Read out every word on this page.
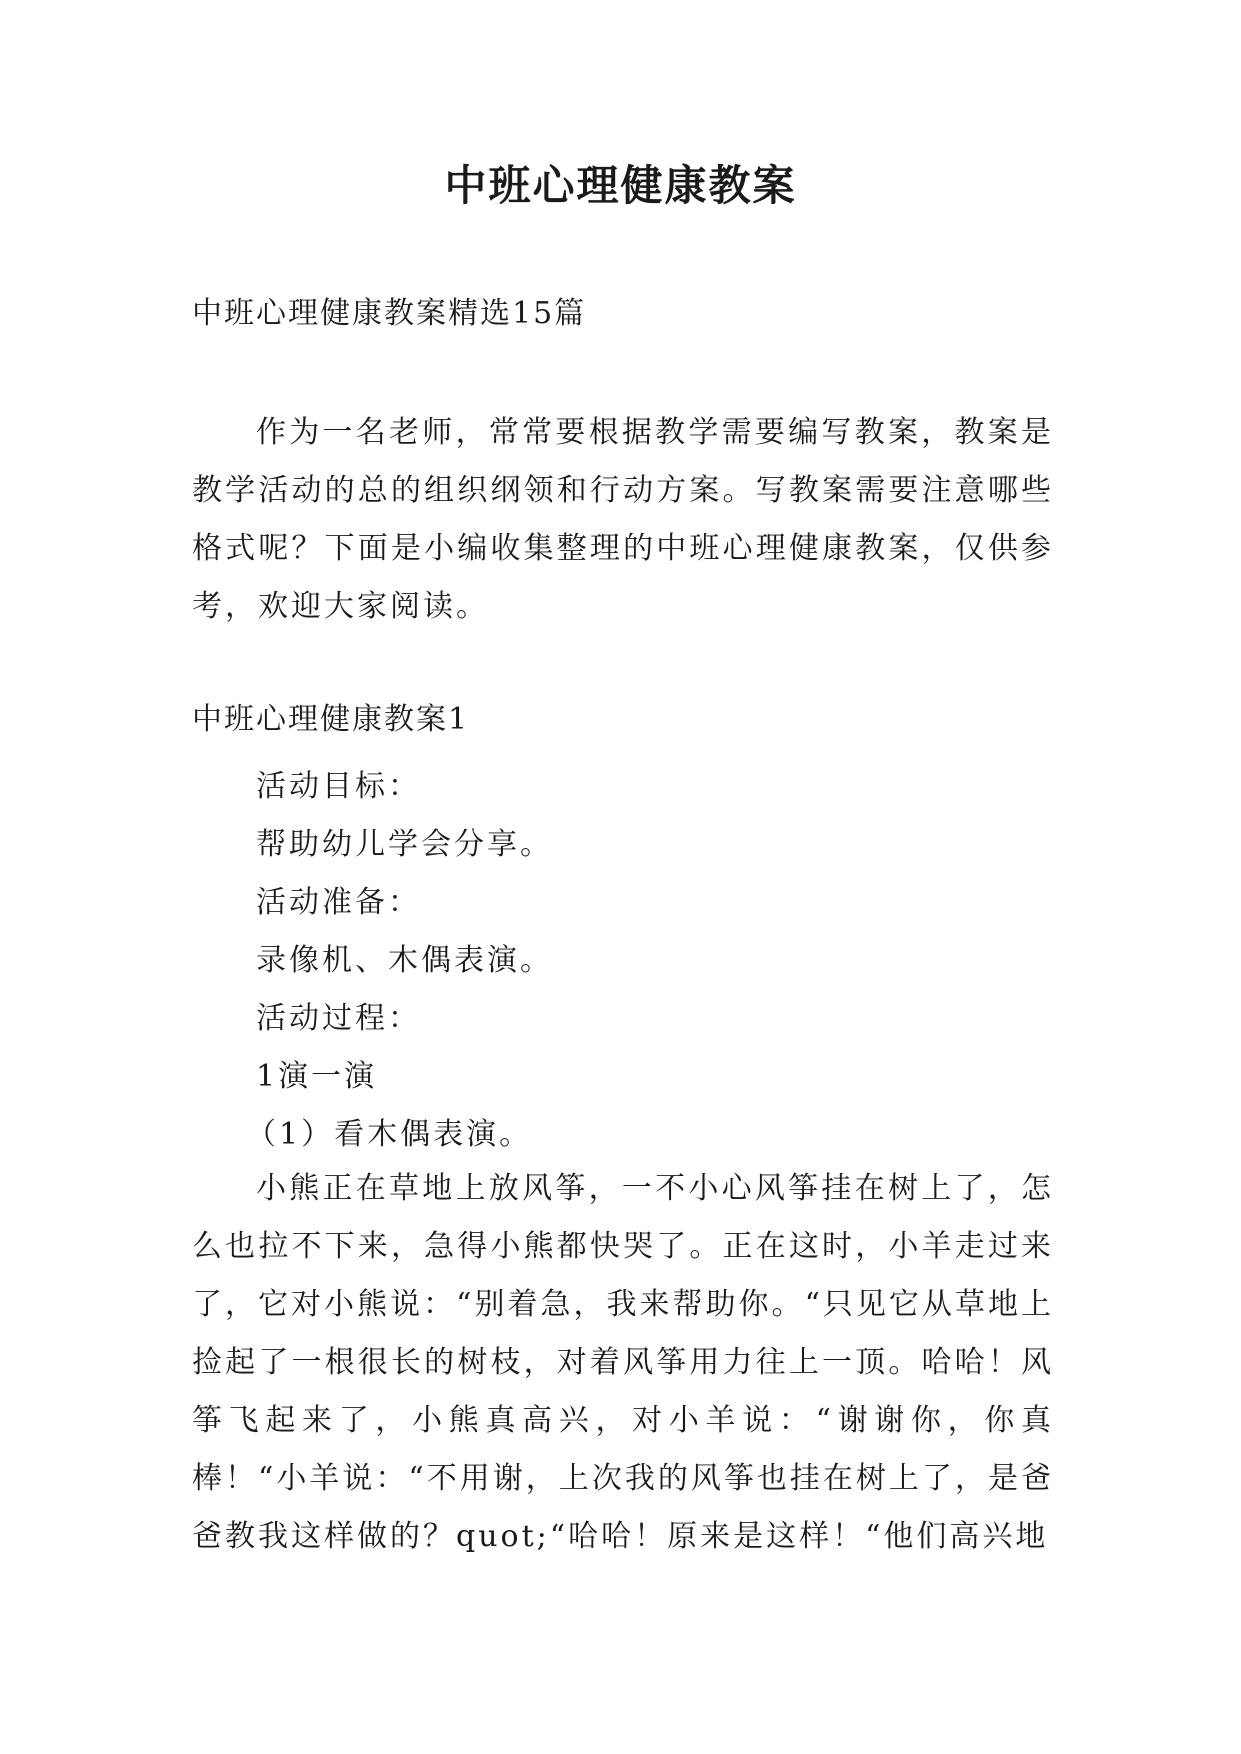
中班心理健康教案
中班心理健康教案精选15篇

作为一名老师，常常要根据教学需要编写教案，教案是教学活动的总的组织纲领和行动方案。写教案需要注意哪些格式呢？下面是小编收集整理的中班心理健康教案，仅供参考，欢迎大家阅读。

中班心理健康教案1
活动目标：
帮助幼儿学会分享。
活动准备：
录像机、木偶表演。
活动过程：
1演一演
（1）看木偶表演。

小熊正在草地上放风筝，一不小心风筝挂在树上了，怎么也拉不下来，急得小熊都快哭了。正在这时，小羊走过来了，它对小熊说：“别着急，我来帮助你。“只见它从草地上捡起了一根很长的树枝，对着风筝用力往上一顶。哈哈！风筝飞起来了，小熊真高兴，对小羊说：“谢谢你，你真棒！“小羊说：“不用谢，上次我的风筝也挂在树上了，是爸爸教我这样做的？quot;“哈哈！原来是这样！“他们高兴地
